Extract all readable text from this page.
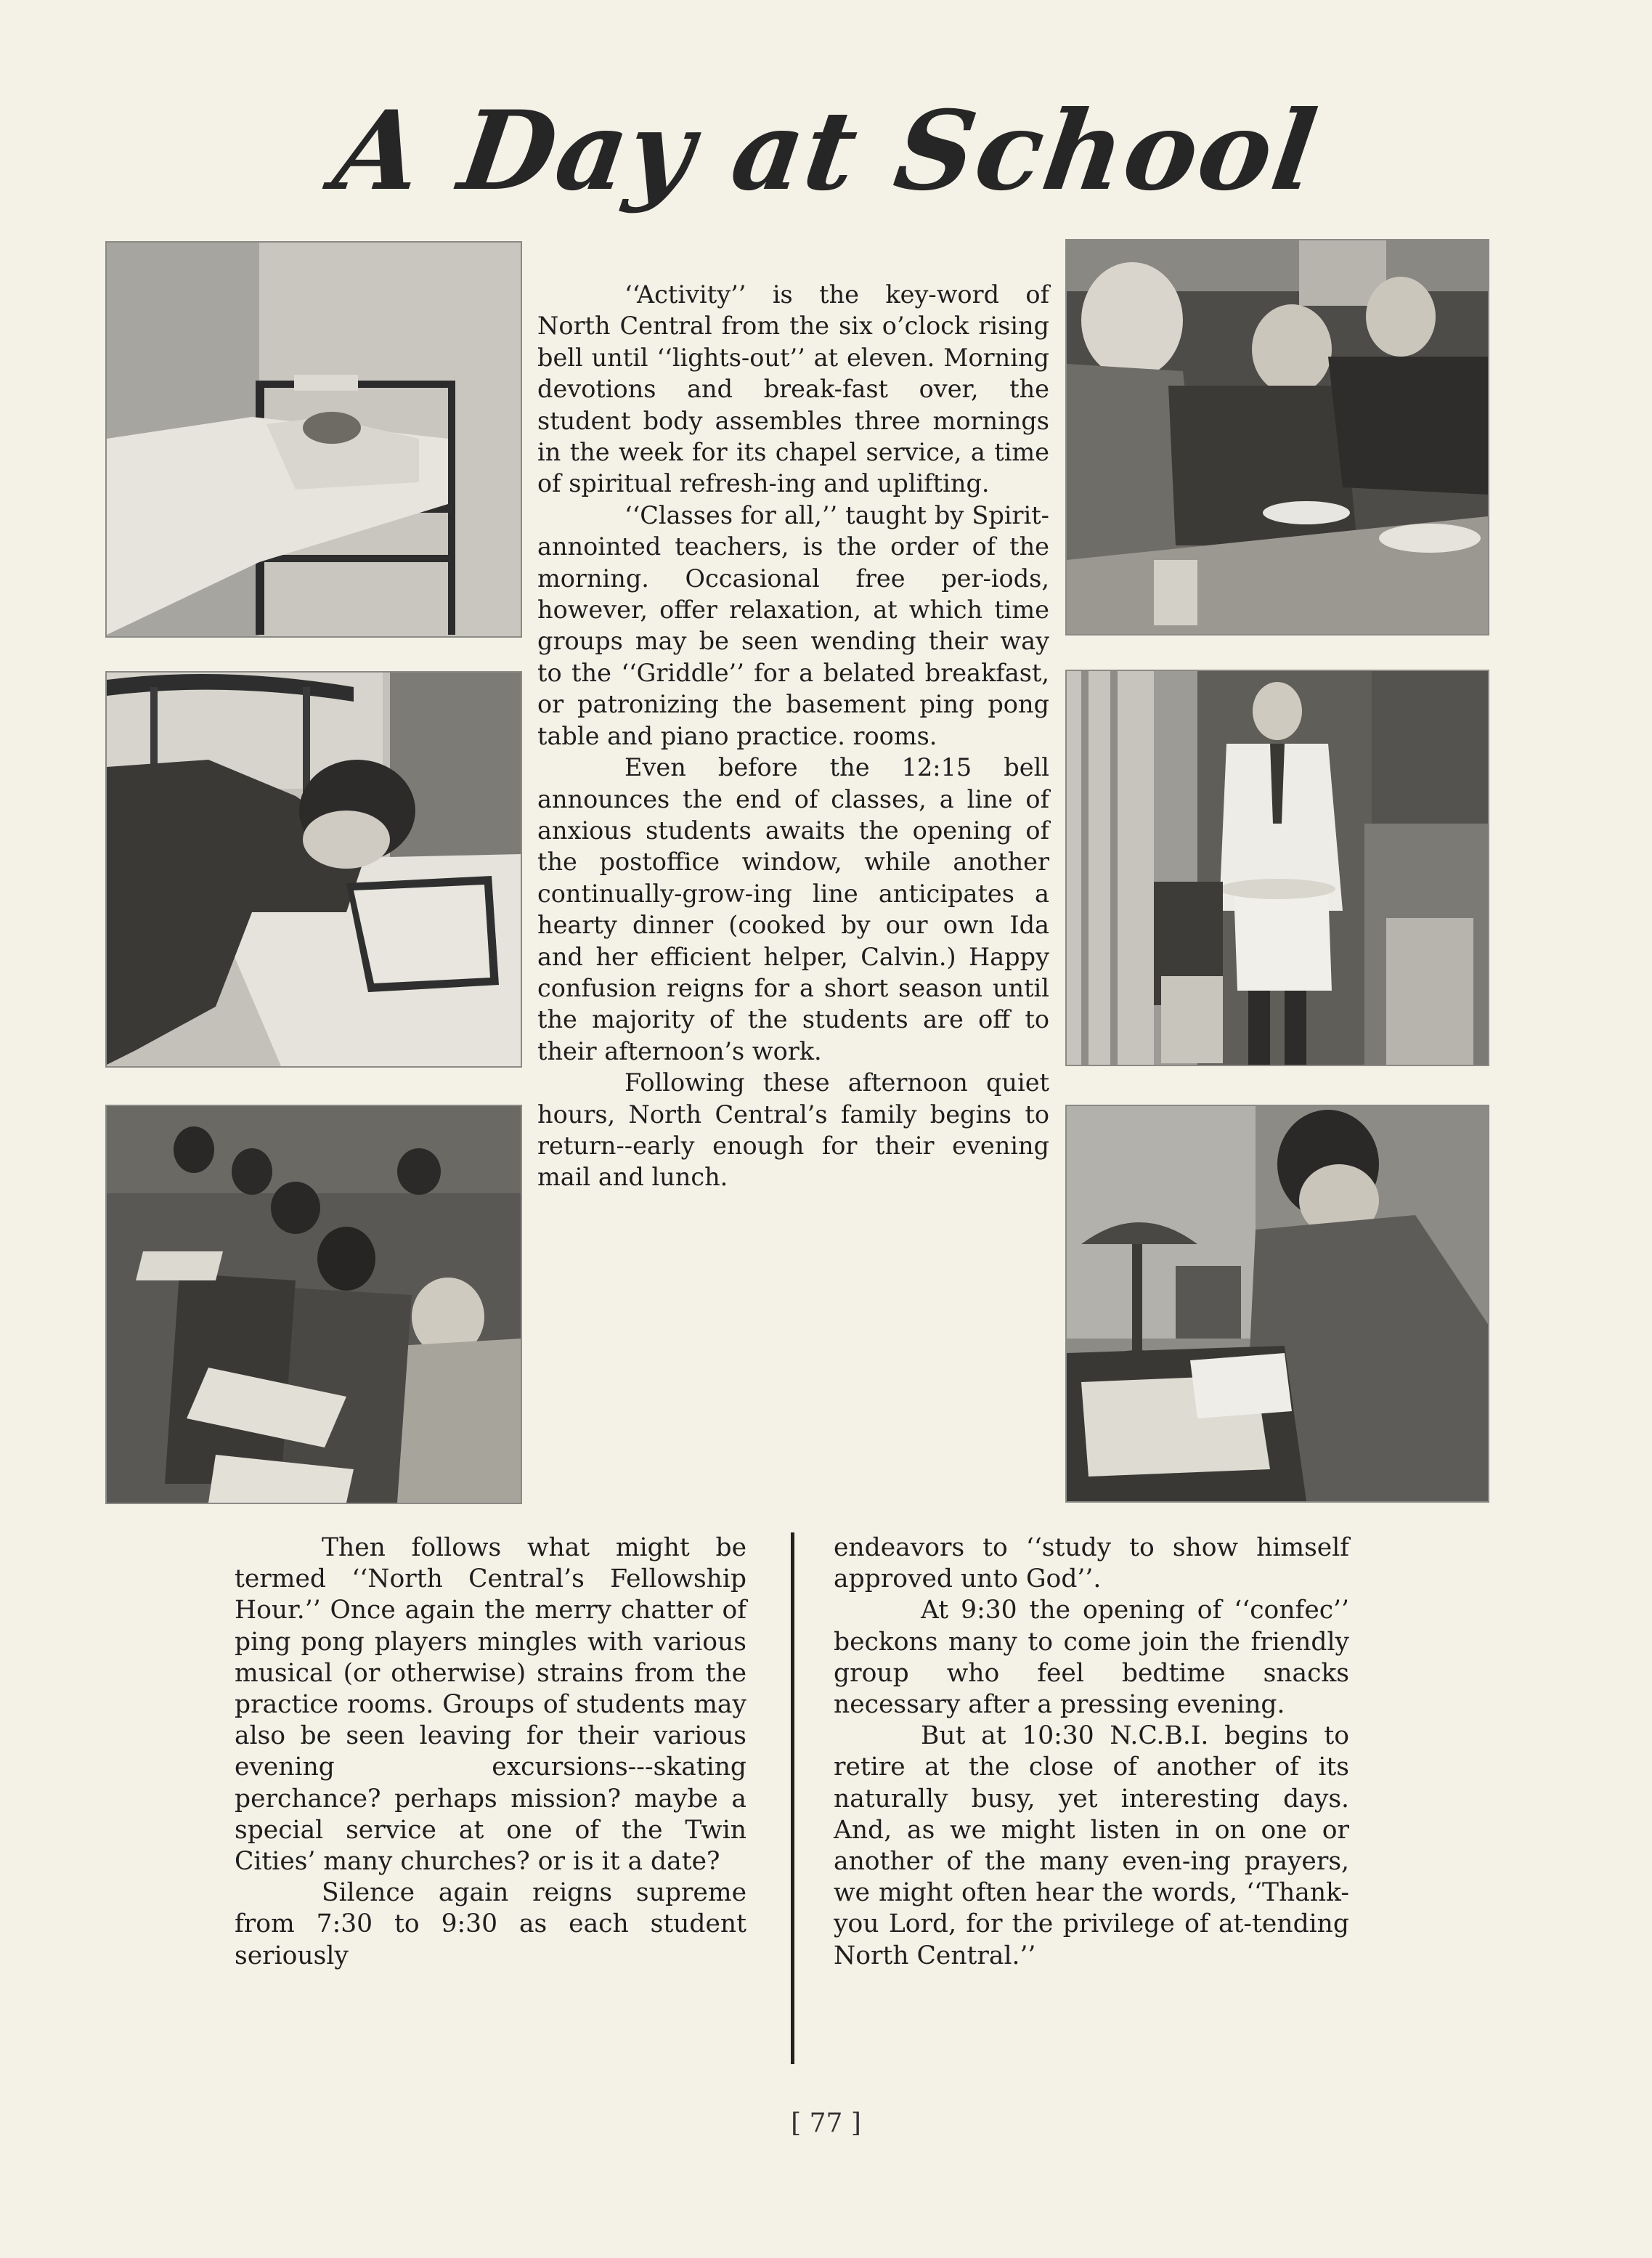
A Day at School

‘‘Activity’’ is the key-word of North Central from the six o’clock rising bell until ‘‘lights-out’’ at eleven. Morning devotions and break-fast over, the student body assembles three mornings in the week for its chapel service, a time of spiritual refresh-ing and uplifting.

‘‘Classes for all,’’ taught by Spirit-annointed teachers, is the order of the morning. Occasional free per-iods, however, offer relaxation, at which time groups may be seen wending their way to the ‘‘Griddle’’ for a belated breakfast, or patronizing the basement ping pong table and piano practice. rooms.

Even before the 12:15 bell announces the end of classes, a line of anxious students awaits the opening of the postoffice window, while another continually-grow-ing line anticipates a hearty dinner (cooked by our own Ida and her efficient helper, Calvin.) Happy confusion reigns for a short season until the majority of the students are off to their afternoon’s work.

Following these afternoon quiet hours, North Central’s family begins to return--early enough for their evening mail and lunch.

Then follows what might be termed ‘‘North Central’s Fellowship Hour.’’ Once again the merry chatter of ping pong players mingles with various musical (or otherwise) strains from the practice rooms. Groups of students may also be seen leaving for their various evening excursions---skating perchance? perhaps mission? maybe a special service at one of the Twin Cities’ many churches? or is it a date?

Silence again reigns supreme from 7:30 to 9:30 as each student seriously

endeavors to ‘‘study to show himself approved unto God’’.

At 9:30 the opening of ‘‘confec’’ beckons many to come join the friendly group who feel bedtime snacks necessary after a pressing evening.

But at 10:30 N.C.B.I. begins to retire at the close of another of its naturally busy, yet interesting days. And, as we might listen in on one or another of the many even-ing prayers, we might often hear the words, ‘‘Thank-you Lord, for the privilege of at-tending North Central.’’

[ 77 ]
